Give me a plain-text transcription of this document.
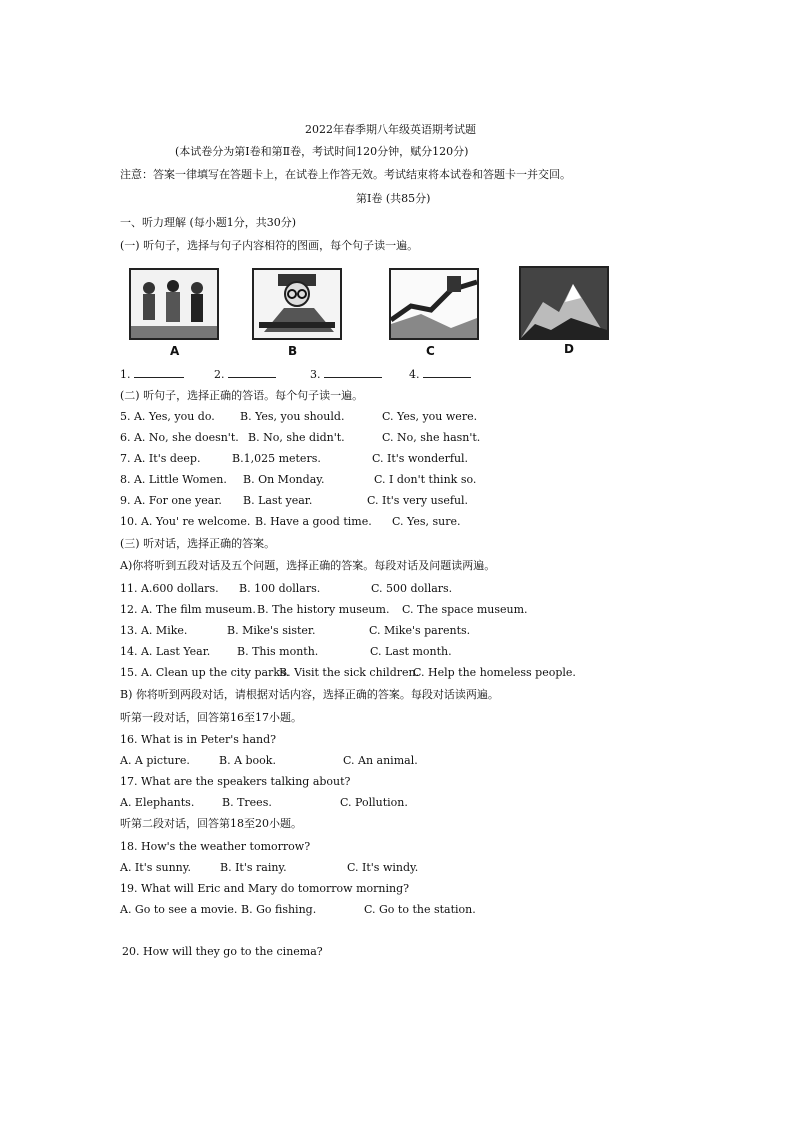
2022年春季期八年级英语期考试题
(本试卷分为第Ⅰ卷和第Ⅱ卷，考试时间120分钟，赋分120分)
注意：答案一律填写在答题卡上，在试卷上作答无效。考试结束将本试卷和答题卡一并交回。
第Ⅰ卷 (共85分)
一、听力理解 (每小题1分，共30分)
(一) 听句子，选择与句子内容相符的图画，每个句子读一遍。
A	B	C	D
1.	2.	3.	4.
(二) 听句子，选择正确的答语。每个句子读一遍。
5. A. Yes, you do. B. Yes, you should.	C. Yes, you were.
6. A. No, she doesn't. B. No, she didn't.	C. No, she hasn't.
7. A. It's deep.	B.1,025 meters.	C. It's wonderful.
8. A. Little Women. B. On Monday.	C. I don't think so.
9. A. For one year. B. Last year.	C. It's very useful.
10. A. You' re welcome. B. Have a good time. C. Yes, sure.
(三) 听对话，选择正确的答案。
A)你将听到五段对话及五个问题，选择正确的答案。每段对话及问题读两遍。
11. A.600 dollars. B. 100 dollars.	C. 500 dollars.
12. A. The film museum. B. The history museum. C. The space museum.
13. A. Mike.	B. Mike's sister.	C. Mike's parents.
14. A. Last Year. B. This month.	C. Last month.
15. A. Clean up the city parks.
B. Visit the sick children.
C. Help the homeless people.
B) 你将听到两段对话，请根据对话内容，选择正确的答案。每段对话读两遍。
听第一段对话，回答第16至17小题。
16. What is in Peter's hand?
A. A picture.	B. A book.	C. An animal.
17. What are the speakers talking about?
A. Elephants.	B. Trees.	C. Pollution.
听第二段对话，回答第18至20小题。
18. How's the weather tomorrow?
A. It's sunny.	B. It's rainy.	C. It's windy.
19. What will Eric and Mary do tomorrow morning?
A. Go to see a movie. B. Go fishing.	C. Go to the station.
20. How will they go to the cinema?
